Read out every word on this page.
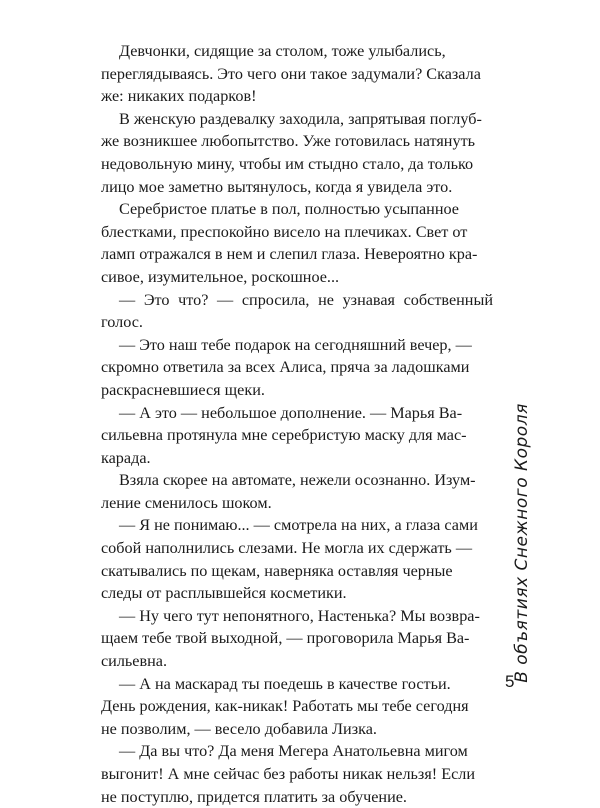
Девчонки, сидящие за столом, тоже улыбались,
переглядываясь. Это чего они такое задумали? Сказала
же: никаких подарков!

В женскую раздевалку заходила, запрятывая поглуб-
же возникшее любопытство. Уже готовилась натянуть
недовольную мину, чтобы им стыдно стало, да только
лицо мое заметно вытянулось, когда я увидела это.

Серебристое платье в пол, полностью усыпанное
блестками, преспокойно висело на плечиках. Свет от
ламп отражался в нем и слепил глаза. Невероятно кра-
сивое, изумительное, роскошное...

— Это что? — спросила, не узнавая собственный голос.

— Это наш тебе подарок на сегодняшний вечер, —
скромно ответила за всех Алиса, пряча за ладошками
раскрасневшиеся щеки.

— А это — небольшое дополнение. — Марья Ва-
сильевна протянула мне серебристую маску для мас-
карада.

Взяла скорее на автомате, нежели осознанно. Изум-
ление сменилось шоком.

— Я не понимаю... — смотрела на них, а глаза сами
собой наполнились слезами. Не могла их сдержать —
скатывались по щекам, наверняка оставляя черные
следы от расплывшейся косметики.

— Ну чего тут непонятного, Настенька? Мы возвра-
щаем тебе твой выходной, — проговорила Марья Ва-
сильевна.

— А на маскарад ты поедешь в качестве гостьи.
День рождения, как-никак! Работать мы тебе сегодня
не позволим, — весело добавила Лизка.

— Да вы что? Да меня Мегера Анатольевна мигом
выгонит! А мне сейчас без работы никак нельзя! Если
не поступлю, придется платить за обучение.

В объятиях Снежного Короля
5
